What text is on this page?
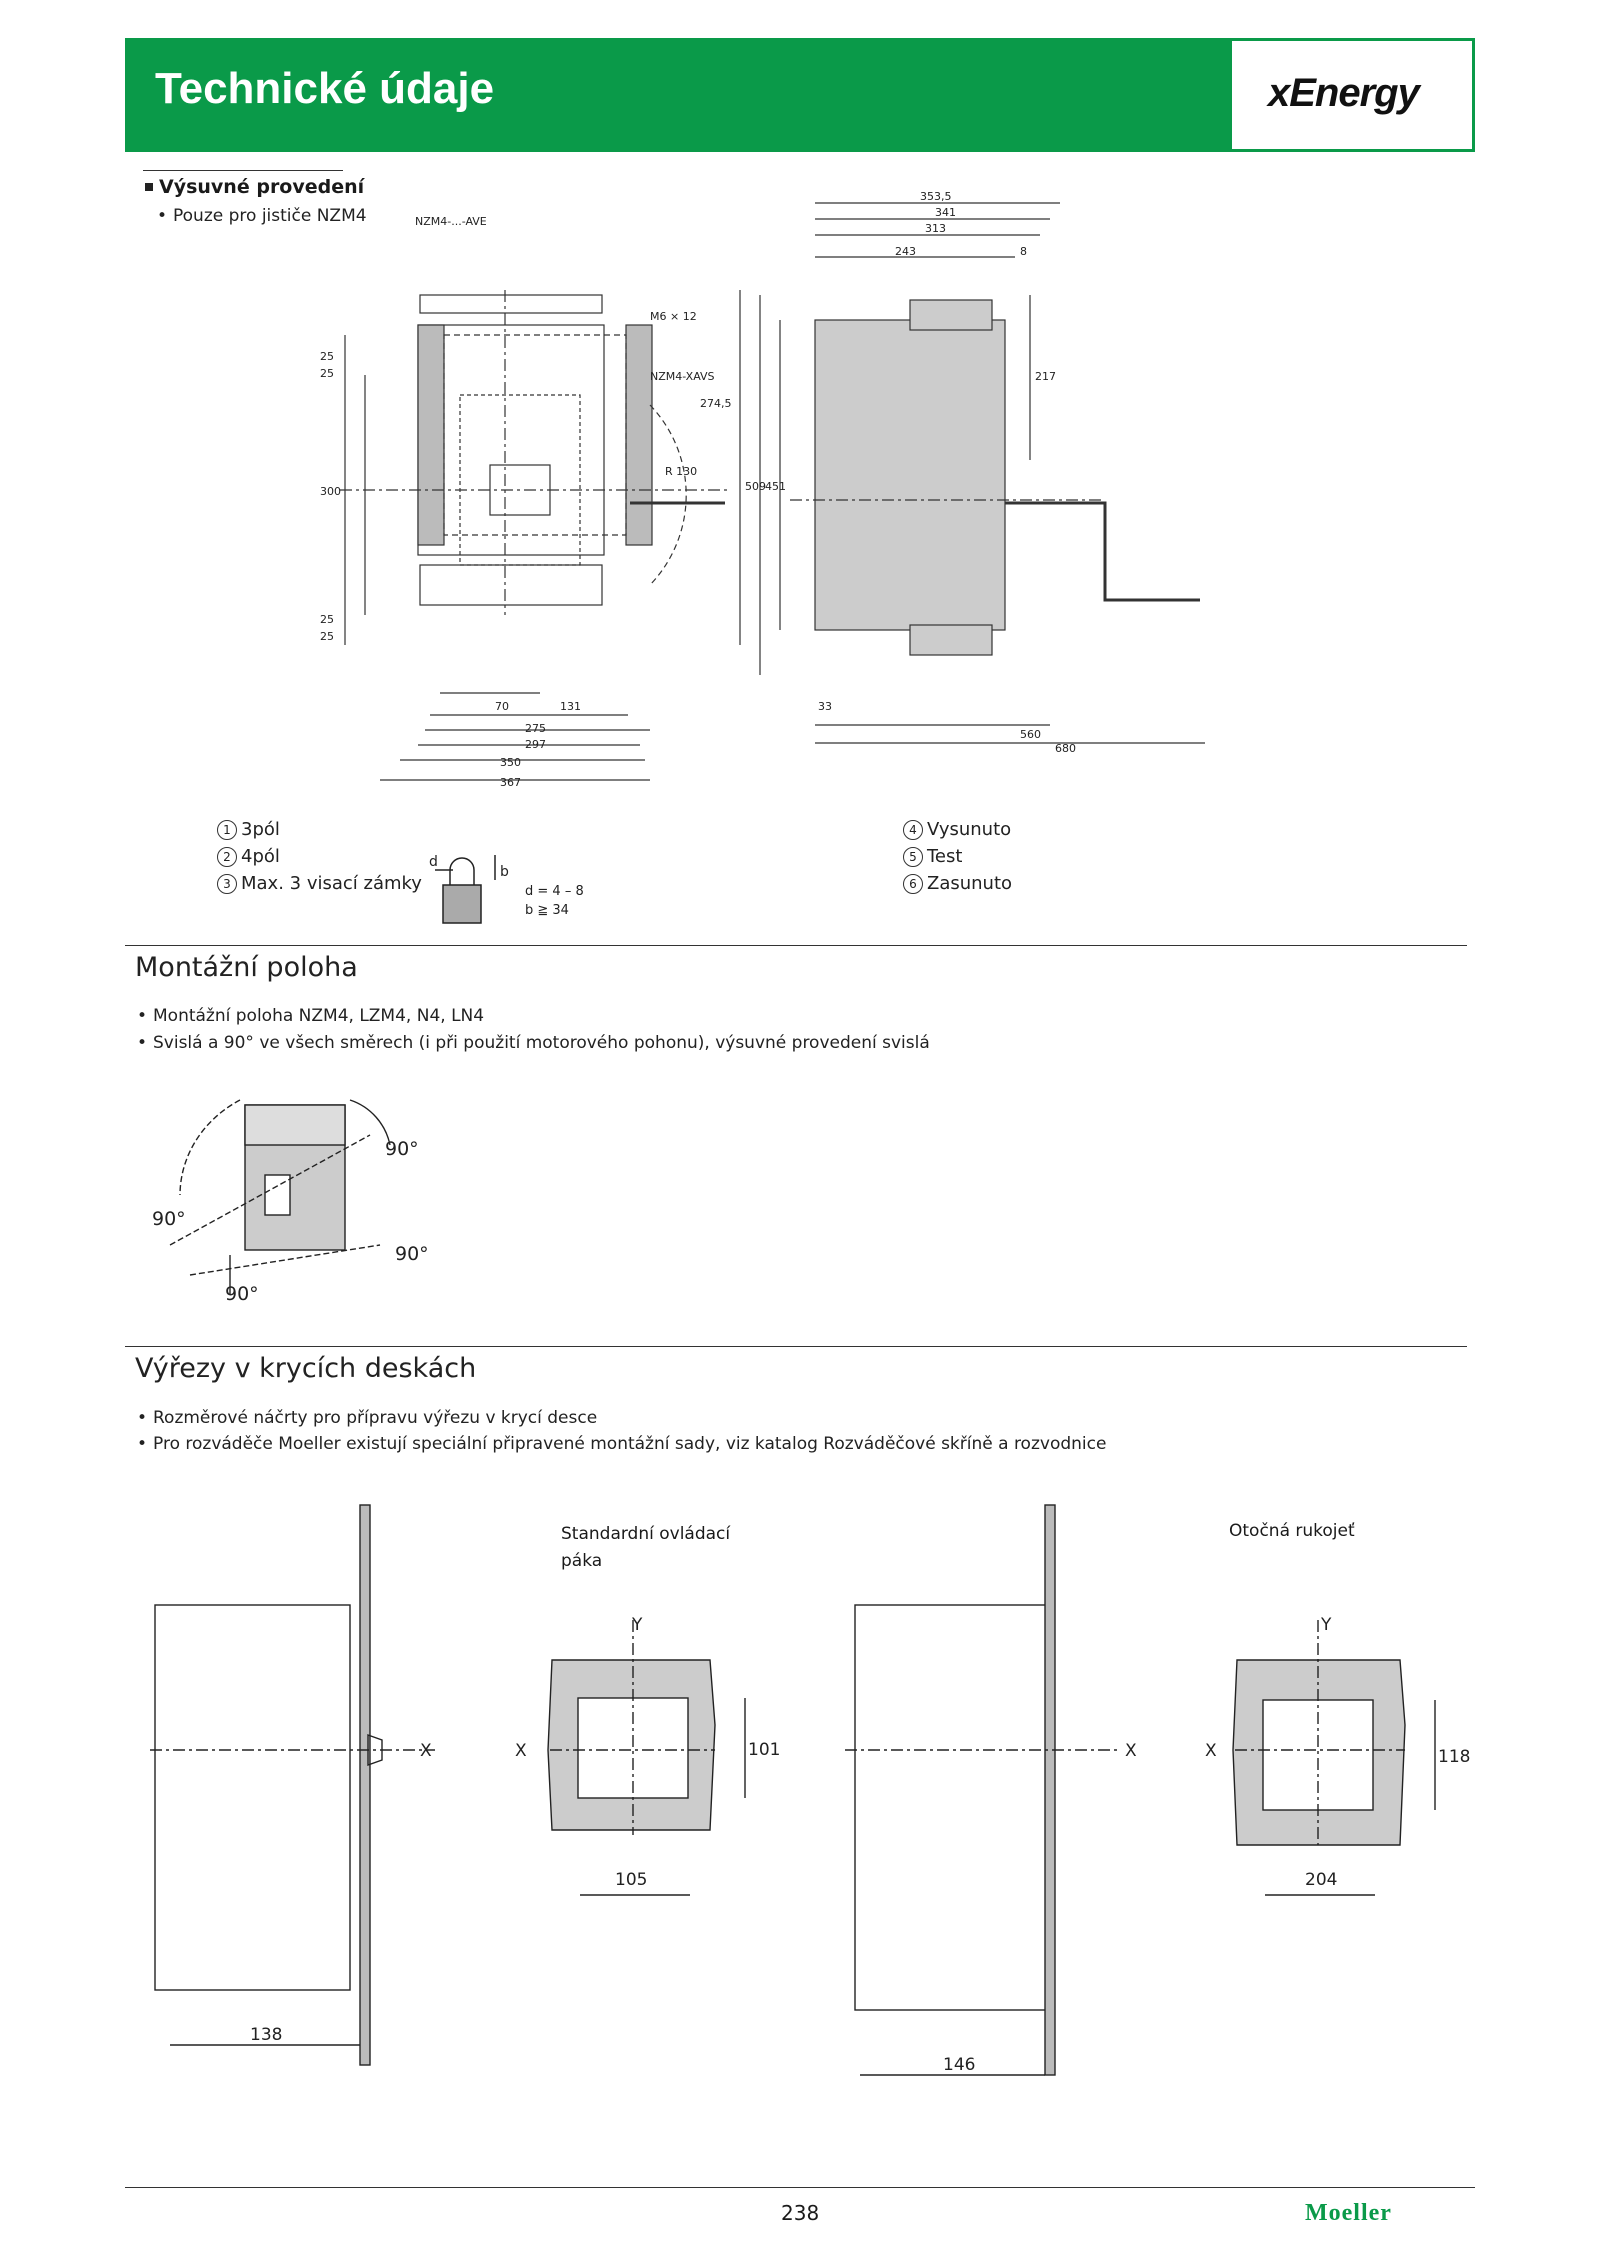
Technické údaje	xEnergy
Výsuvné provedení
• Pouze pro jističe NZM4	NZM4-...-AVE
M6 × 12
NZM4-XAVS
R 130
274,5
509 451
300
25
25
25
25
70	131
275
297
350
367
353,5
341
313
243	8
217
33
560
680
1 3pól
2 4pól
3 Max. 3 visací zámky
d
b
d = 4 – 8
b ≧ 34
4 Vysunuto
5 Test
6 Zasunuto
Montážní poloha
• Montážní poloha NZM4, LZM4, N4, LN4
• Svislá a 90° ve všech směrech (i při použití motorového pohonu), výsuvné provedení svislá
90°
90°
90°
90°
Výřezy v krycích deskách
• Rozměrové náčrty pro přípravu výřezu v krycí desce
• Pro rozváděče Moeller existují speciální připravené montážní sady, viz katalog Rozváděčové skříně a rozvodnice
X	X
Y
105
101
138
Standardní ovládací páka
X	X
Y
204
118
146
Otočná rukojeť
238	Moeller
